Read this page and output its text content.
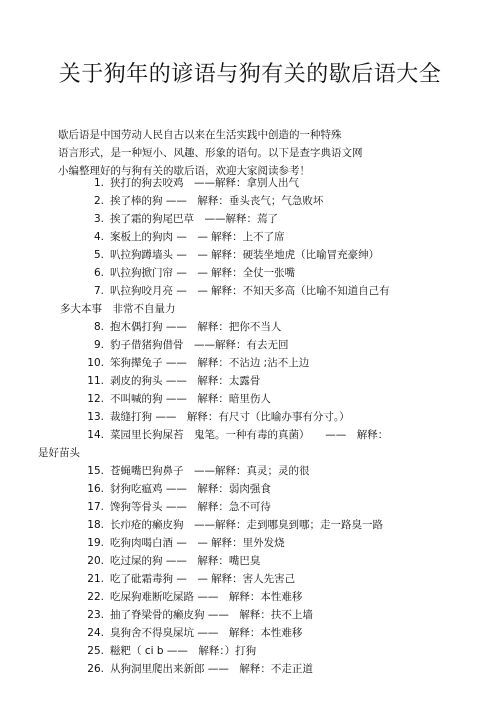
关于狗年的谚语与狗有关的歇后语大全
歇后语是中国劳动人民自古以来在生活实践中创造的一种特殊
语言形式，是一种短小、风趣、形象的语句。以下是查字典语文网
小编整理好的与狗有关的歇后语，欢迎大家阅读参考！
1. 狭打的狗去咬鸡　——解释：拿别人出气
2. 挨了棒的狗 ——　解释：垂头丧气；气急败坏
3. 挨了霜的狗尾巴草　——解释：蔫了
4. 案板上的狗肉 —　— 解释：上不了席
5. 叭拉狗蹲墙头 —　— 解释：硬装坐地虎（比喻冒充豪绅）
6. 叭拉狗掀门帘 —　— 解释：全仗一张嘴
7. 叭拉狗咬月亮 —　— 解释：不知天多高（比喻不知道自己有
多大本事　非常不自量力
8. 抱木偶打狗 ——　解释：把你不当人
9. 豹子借猪狗借骨　——解释：有去无回
10. 笨狗撵兔子 ——　解释：不沾边 ;沾不上边
11. 剥皮的狗头 ——　解释：太露骨
12. 不叫喊的狗 ——　解释：暗里伤人
13. 裁缝打狗 ——　解释：有尺寸（比喻办事有分寸。）
14. 菜园里长狗屎苔　鬼笔。一种有毒的真菌）　　——　解释：
是好苗头
15. 苍蝇嘴巴狗鼻子　——解释：真灵；灵的很
16. 豺狗吃瘟鸡 ——　解释：弱肉强食
17. 馋狗等骨头 ——　解释：急不可待
18. 长疖疮的癞皮狗　——解释：走到哪臭到哪；走一路臭一路
19. 吃狗肉喝白酒 —　— 解释：里外发烧
20. 吃过屎的狗 ——　解释：嘴巴臭
21. 吃了砒霜毒狗 —　— 解释：害人先害己
22. 吃屎狗难断吃屎路 ——　解释：本性难移
23. 抽了脊梁骨的癞皮狗 ——　解释：扶不上墙
24. 臭狗舍不得臭屎坑 ——　解释：本性难移
25. 糍粑（ ci b ——　解释：）打狗
26. 从狗洞里爬出来新郎 ——　解释：不走正道
